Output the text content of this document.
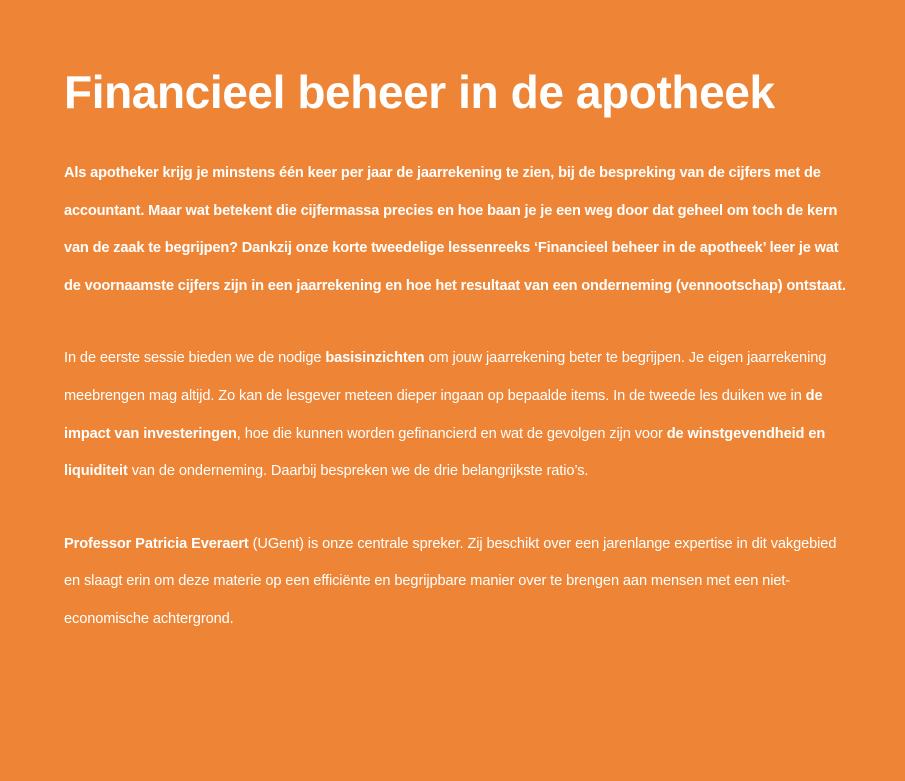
Financieel beheer in de apotheek

Als apotheker krijg je minstens één keer per jaar de jaarrekening te zien, bij de bespreking van de cijfers met de accountant. Maar wat betekent die cijfermassa precies en hoe baan je je een weg door dat geheel om toch de kern van de zaak te begrijpen? Dankzij onze korte tweedelige lessenreeks ‘Financieel beheer in de apotheek’ leer je wat de voornaamste cijfers zijn in een jaarrekening en hoe het resultaat van een onderneming (vennootschap) ontstaat.

In de eerste sessie bieden we de nodige basisinzichten om jouw jaarrekening beter te begrijpen. Je eigen jaarrekening meebrengen mag altijd. Zo kan de lesgever meteen dieper ingaan op bepaalde items. In de tweede les duiken we in de impact van investeringen, hoe die kunnen worden gefinancierd en wat de gevolgen zijn voor de winstgevendheid en liquiditeit van de onderneming. Daarbij bespreken we de drie belangrijkste ratio’s.

Professor Patricia Everaert (UGent) is onze centrale spreker. Zij beschikt over een jarenlange expertise in dit vakgebied en slaagt erin om deze materie op een efficiënte en begrijpbare manier over te brengen aan mensen met een niet-economische achtergrond.
